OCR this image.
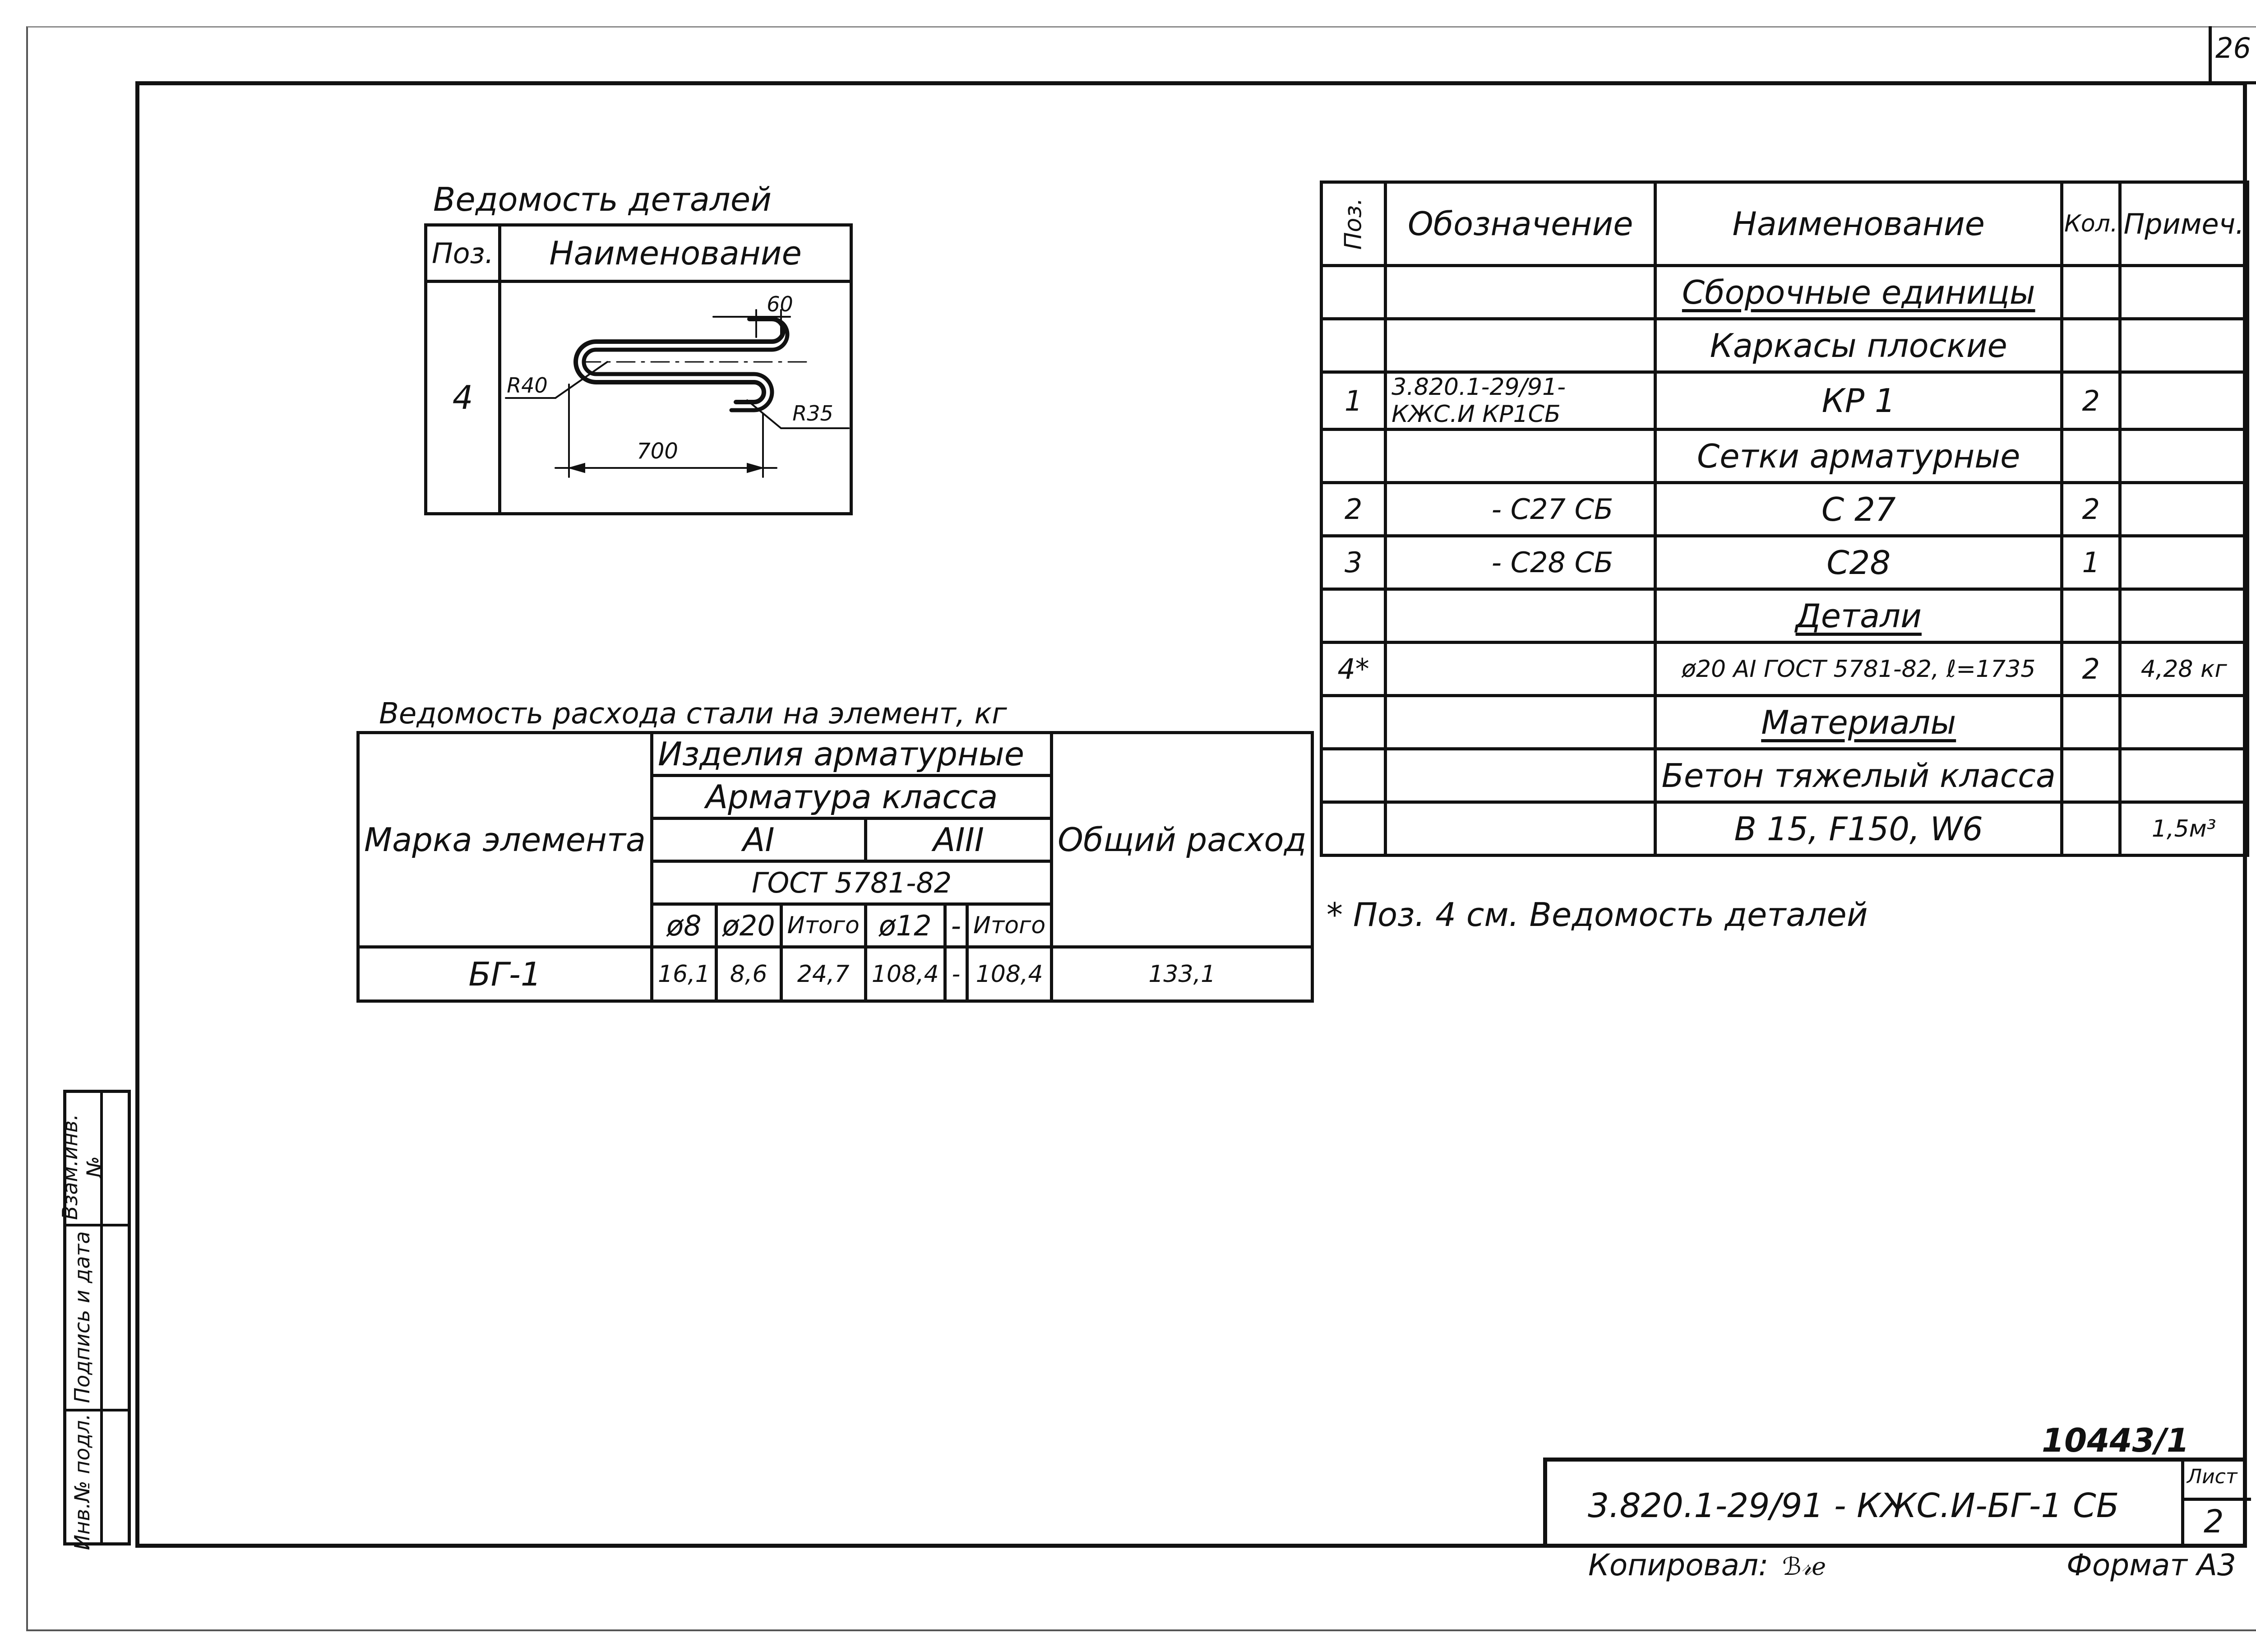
26
Взам.инв.№
Подпись и дата
Инв.№ подл.
Ведомость деталей
Поз.	Наименование
4	60
R40
R35
700
Ведомость расхода стали на элемент, кг
Марка элемента	Изделия арматурные						Общий расход
	Арматура класса						
	АI			АIII			
	ГОСТ 5781-82						
	ø8	ø20	Итого	ø12	-	Итого	
БГ-1	16,1	8,6	24,7	108,4	-	108,4	133,1
Поз.	Обозначение	Наименование	Кол.	Примеч.
		Сборочные единицы		
		Каркасы плоские		
1	3.820.1-29/91- КЖС.И КР1СБ	КР 1	2	
		Сетки арматурные		
2	- С27 СБ	С 27	2	
3	- С28 СБ	С28	1	
		Детали		
4*		ø20 АI ГОСТ 5781-82, ℓ=1735	2	4,28 кг
		Материалы		
		Бетон тяжелый класса		
		В 15, F150, W6		1,5м³
* Поз. 4 см. Ведомость деталей
10443/1
Лист
2
3.820.1-29/91 - КЖС.И-БГ-1 СБ
Копировал: ℬ𝓇ℯ	Формат А3
